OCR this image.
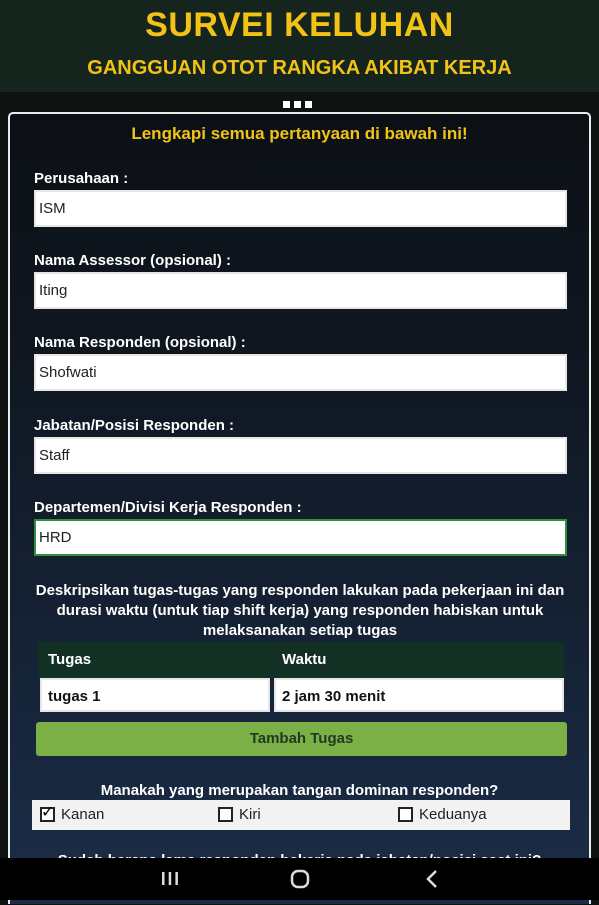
SURVEI KELUHAN
GANGGUAN OTOT RANGKA AKIBAT KERJA
Lengkapi semua pertanyaan di bawah ini!
Perusahaan :
ISM
Nama Assessor (opsional) :
Iting
Nama Responden (opsional) :
Shofwati
Jabatan/Posisi Responden :
Staff
Departemen/Divisi Kerja Responden :
HRD
Deskripsikan tugas-tugas yang responden lakukan pada pekerjaan ini dan durasi waktu (untuk tiap shift kerja) yang responden habiskan untuk melaksanakan setiap tugas
Tugas	Waktu
tugas 1	2 jam 30 menit
Tambah Tugas
Manakah yang merupakan tangan dominan responden?
✓ Kanan	Kiri	Keduanya
